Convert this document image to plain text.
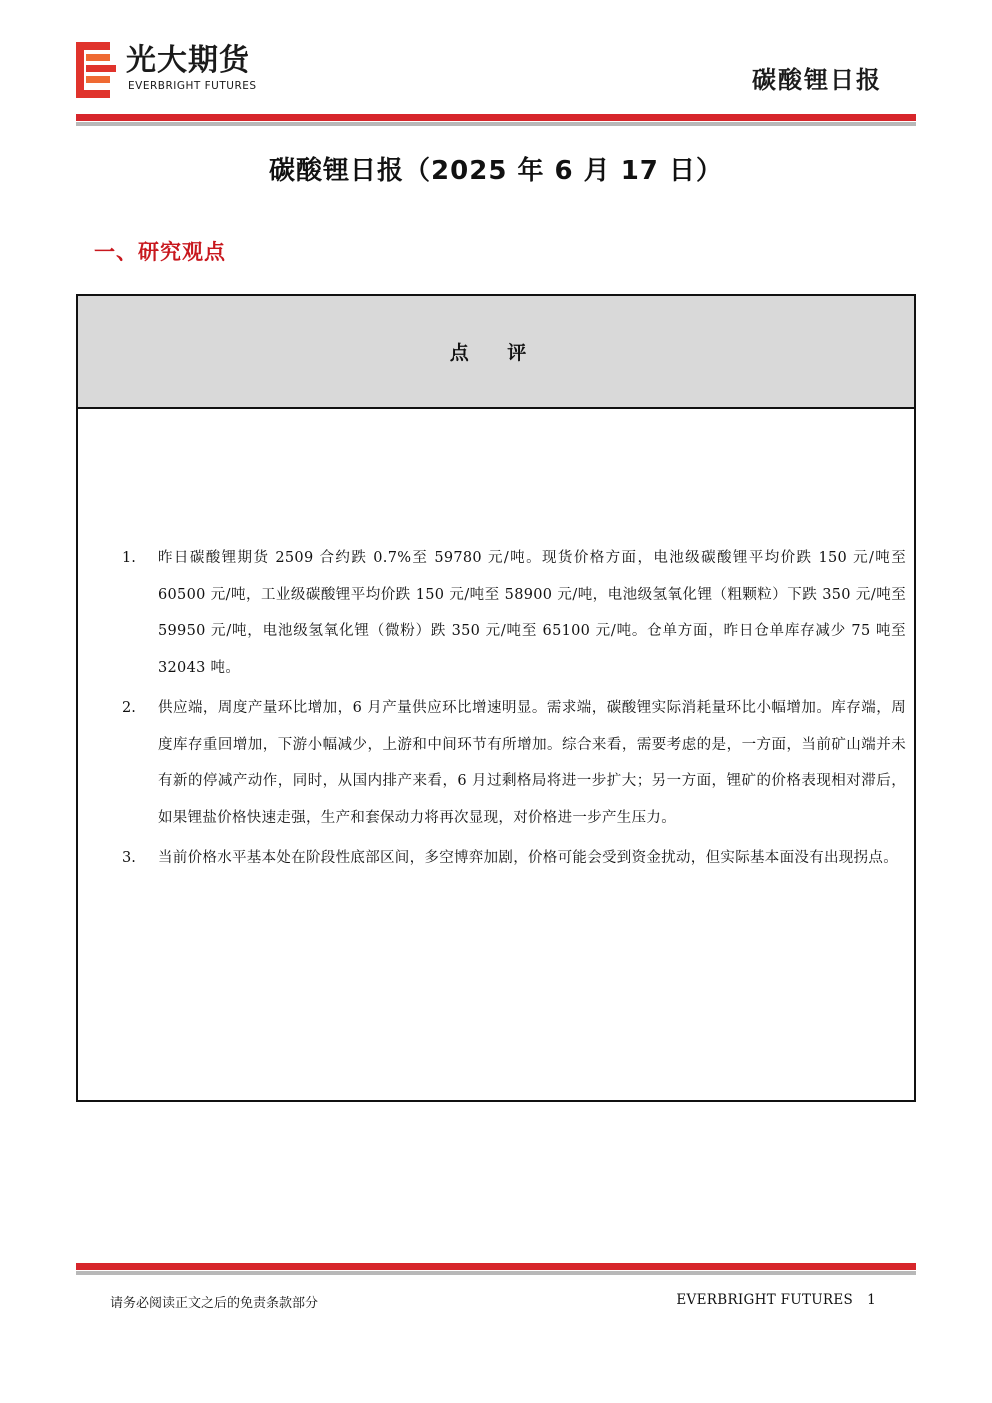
光大期货
EVERBRIGHT FUTURES	碳酸锂日报
碳酸锂日报（2025 年 6 月 17 日）
一、研究观点
点 评
1. 昨日碳酸锂期货 2509 合约跌 0.7%至 59780 元/吨。现货价格方面，电池级碳酸锂平均价跌 150 元/吨至 60500 元/吨，工业级碳酸锂平均价跌 150 元/吨至 58900 元/吨，电池级氢氧化锂（粗颗粒）下跌 350 元/吨至 59950 元/吨，电池级氢氧化锂（微粉）跌 350 元/吨至 65100 元/吨。仓单方面，昨日仓单库存减少 75 吨至 32043 吨。
2. 供应端，周度产量环比增加，6 月产量供应环比增速明显。需求端，碳酸锂实际消耗量环比小幅增加。库存端，周度库存重回增加，下游小幅减少，上游和中间环节有所增加。综合来看，需要考虑的是，一方面，当前矿山端并未有新的停减产动作，同时，从国内排产来看，6 月过剩格局将进一步扩大；另一方面，锂矿的价格表现相对滞后，如果锂盐价格快速走强，生产和套保动力将再次显现，对价格进一步产生压力。
3. 当前价格水平基本处在阶段性底部区间，多空博弈加剧，价格可能会受到资金扰动，但实际基本面没有出现拐点。
请务必阅读正文之后的免责条款部分	EVERBRIGHT FUTURES 1
